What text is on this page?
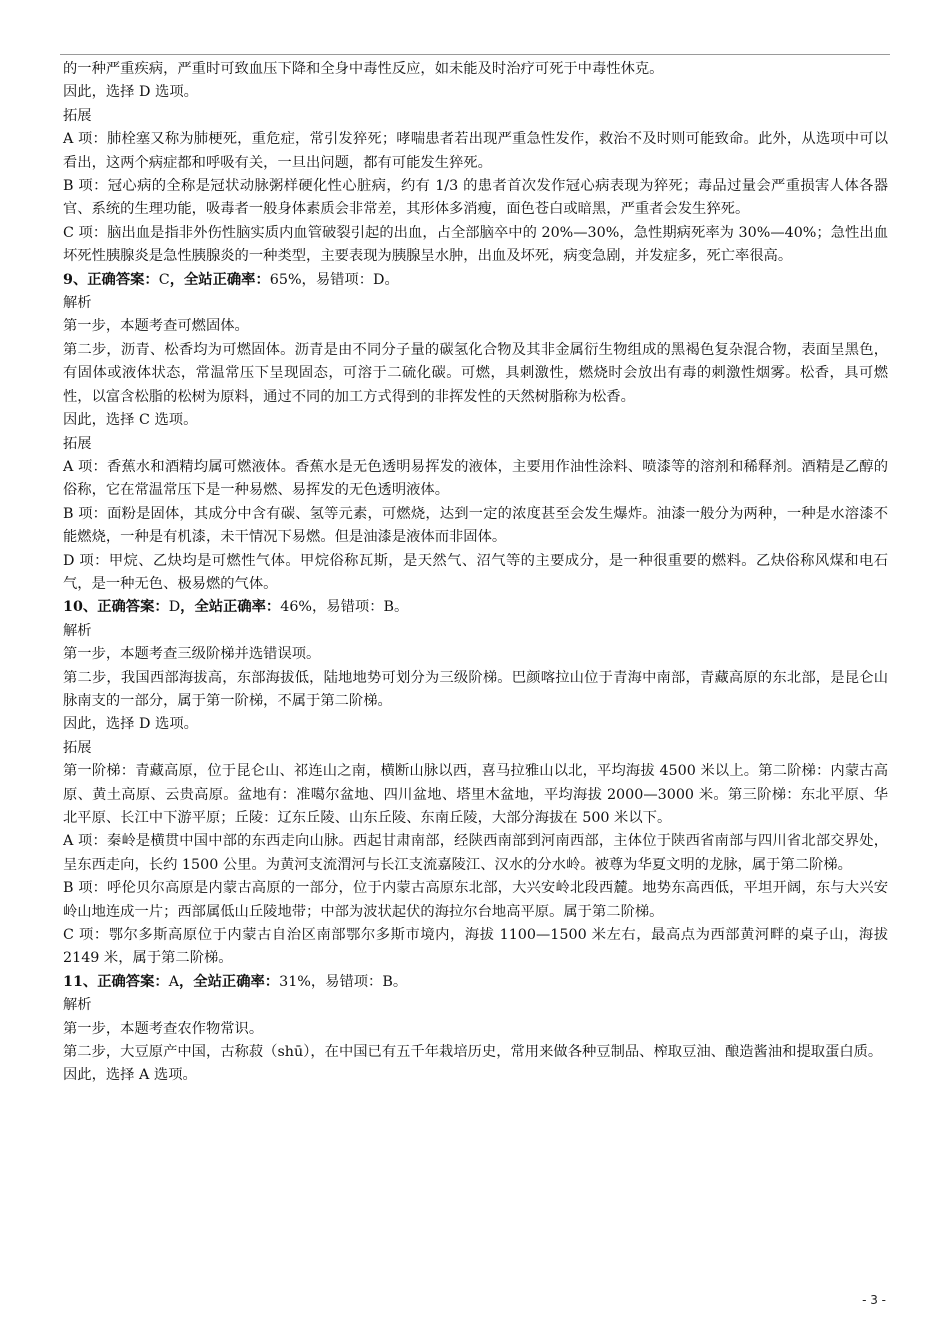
的一种严重疾病，严重时可致血压下降和全身中毒性反应，如未能及时治疗可死于中毒性休克。

因此，选择 D 选项。

拓展

A 项：肺栓塞又称为肺梗死，重危症，常引发猝死；哮喘患者若出现严重急性发作，救治不及时则可能致命。此外，从选项中可以看出，这两个病症都和呼吸有关，一旦出问题，都有可能发生猝死。

B 项：冠心病的全称是冠状动脉粥样硬化性心脏病，约有 1/3 的患者首次发作冠心病表现为猝死；毒品过量会严重损害人体各器官、系统的生理功能，吸毒者一般身体素质会非常差，其形体多消瘦，面色苍白或暗黑，严重者会发生猝死。

C 项：脑出血是指非外伤性脑实质内血管破裂引起的出血，占全部脑卒中的 20%—30%，急性期病死率为 30%—40%；急性出血坏死性胰腺炎是急性胰腺炎的一种类型，主要表现为胰腺呈水肿，出血及坏死，病变急剧，并发症多，死亡率很高。

9、正确答案：C，全站正确率：65%，易错项：D。

解析

第一步，本题考查可燃固体。

第二步，沥青、松香均为可燃固体。沥青是由不同分子量的碳氢化合物及其非金属衍生物组成的黑褐色复杂混合物，表面呈黑色，有固体或液体状态，常温常压下呈现固态，可溶于二硫化碳。可燃，具刺激性，燃烧时会放出有毒的刺激性烟雾。松香，具可燃性，以富含松脂的松树为原料，通过不同的加工方式得到的非挥发性的天然树脂称为松香。

因此，选择 C 选项。

拓展

A 项：香蕉水和酒精均属可燃液体。香蕉水是无色透明易挥发的液体，主要用作油性涂料、喷漆等的溶剂和稀释剂。酒精是乙醇的俗称，它在常温常压下是一种易燃、易挥发的无色透明液体。

B 项：面粉是固体，其成分中含有碳、氢等元素，可燃烧，达到一定的浓度甚至会发生爆炸。油漆一般分为两种，一种是水溶漆不能燃烧，一种是有机漆，未干情况下易燃。但是油漆是液体而非固体。

D 项：甲烷、乙炔均是可燃性气体。甲烷俗称瓦斯，是天然气、沼气等的主要成分，是一种很重要的燃料。乙炔俗称风煤和电石气，是一种无色、极易燃的气体。

10、正确答案：D，全站正确率：46%，易错项：B。

解析

第一步，本题考查三级阶梯并选错误项。

第二步，我国西部海拔高，东部海拔低，陆地地势可划分为三级阶梯。巴颜喀拉山位于青海中南部，青藏高原的东北部，是昆仑山脉南支的一部分，属于第一阶梯，不属于第二阶梯。

因此，选择 D 选项。

拓展

第一阶梯：青藏高原，位于昆仑山、祁连山之南，横断山脉以西，喜马拉雅山以北，平均海拔 4500 米以上。第二阶梯：内蒙古高原、黄土高原、云贵高原。盆地有：准噶尔盆地、四川盆地、塔里木盆地，平均海拔 2000—3000 米。第三阶梯：东北平原、华北平原、长江中下游平原；丘陵：辽东丘陵、山东丘陵、东南丘陵，大部分海拔在 500 米以下。

A 项：秦岭是横贯中国中部的东西走向山脉。西起甘肃南部，经陕西南部到河南西部，主体位于陕西省南部与四川省北部交界处，呈东西走向，长约 1500 公里。为黄河支流渭河与长江支流嘉陵江、汉水的分水岭。被尊为华夏文明的龙脉，属于第二阶梯。

B 项：呼伦贝尔高原是内蒙古高原的一部分，位于内蒙古高原东北部，大兴安岭北段西麓。地势东高西低，平坦开阔，东与大兴安岭山地连成一片；西部属低山丘陵地带；中部为波状起伏的海拉尔台地高平原。属于第二阶梯。

C 项：鄂尔多斯高原位于内蒙古自治区南部鄂尔多斯市境内，海拔 1100—1500 米左右，最高点为西部黄河畔的桌子山，海拔 2149 米，属于第二阶梯。

11、正确答案：A，全站正确率：31%，易错项：B。

解析

第一步，本题考查农作物常识。

第二步，大豆原产中国，古称菽（shū），在中国已有五千年栽培历史，常用来做各种豆制品、榨取豆油、酿造酱油和提取蛋白质。

因此，选择 A 选项。

- 3 -
